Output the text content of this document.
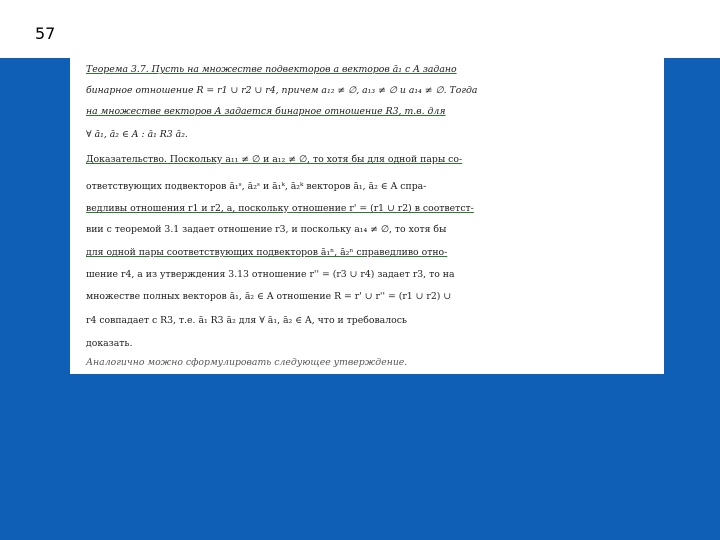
57
Теорема 3.7. Пусть на множестве подвекторов a векторов ā₁ с A задано
бинарное отношение R = r1 ∪ r2 ∪ r4, причем a₁₂ ≠ ∅, a₁₃ ≠ ∅ и a₁₄ ≠ ∅. Тогда
на множестве векторов A задается бинарное отношение R3, т.в. для
∀ ā₁, ā₂ ∈ A : ā₁ R3 ā₂.
Доказательство. Поскольку a₁₁ ≠ ∅ и a₁₂ ≠ ∅, то хотя бы для одной пары со-
ответствующих подвекторов ā₁ˢ, ā₂ˢ и ā₁ᵏ, ā₂ᵏ векторов ā₁, ā₂ ∈ A спра-
ведливы отношения r1 и r2, а, поскольку отношение r' = (r1 ∪ r2) в соответст-
вии с теоремой 3.1 задает отношение r3, и поскольку a₁₄ ≠ ∅, то хотя бы
для одной пары соответствующих подвекторов ā₁ⁿ, ā₂ⁿ справедливо отно-
шение r4, а из утверждения 3.13 отношение r'' = (r3 ∪ r4) задает r3, то на
множестве полных векторов ā₁, ā₂ ∈ A отношение R = r' ∪ r'' = (r1 ∪ r2) ∪
r4 совпадает с R3, т.е. ā₁ R3 ā₂ для ∀ ā₁, ā₂ ∈ A, что и требовалось
доказать.
Аналогично можно сформулировать следующее утверждение.
